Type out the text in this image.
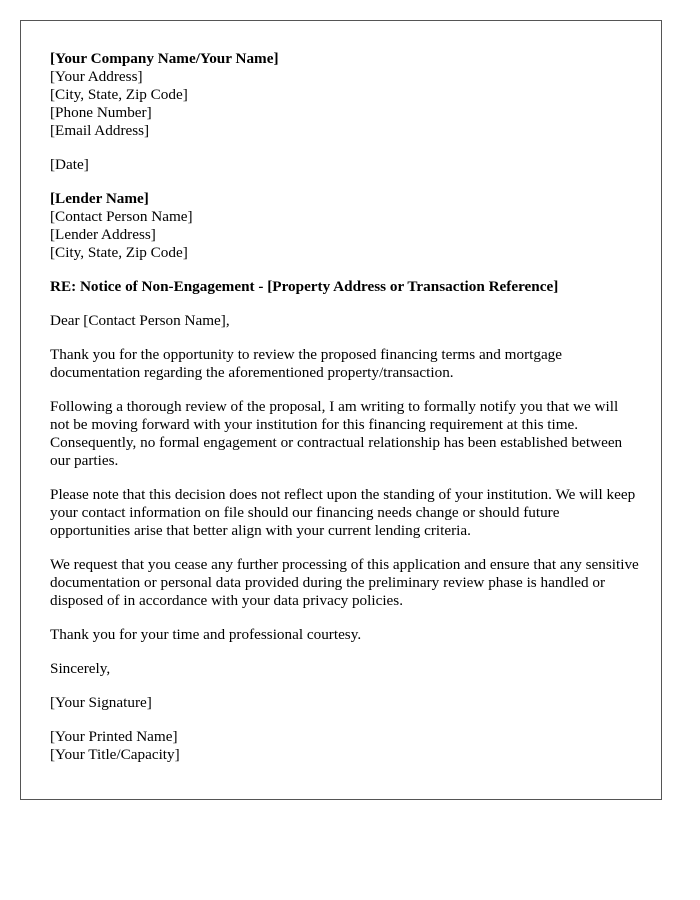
[Your Company Name/Your Name]
[Your Address]
[City, State, Zip Code]
[Phone Number]
[Email Address]
[Date]
[Lender Name]
[Contact Person Name]
[Lender Address]
[City, State, Zip Code]
RE: Notice of Non-Engagement - [Property Address or Transaction Reference]
Dear [Contact Person Name],

Thank you for the opportunity to review the proposed financing terms and mortgage documentation regarding the aforementioned property/transaction.

Following a thorough review of the proposal, I am writing to formally notify you that we will not be moving forward with your institution for this financing requirement at this time. Consequently, no formal engagement or contractual relationship has been established between our parties.

Please note that this decision does not reflect upon the standing of your institution. We will keep your contact information on file should our financing needs change or should future opportunities arise that better align with your current lending criteria.

We request that you cease any further processing of this application and ensure that any sensitive documentation or personal data provided during the preliminary review phase is handled or disposed of in accordance with your data privacy policies.

Thank you for your time and professional courtesy.

Sincerely,
[Your Signature]
[Your Printed Name]
[Your Title/Capacity]
